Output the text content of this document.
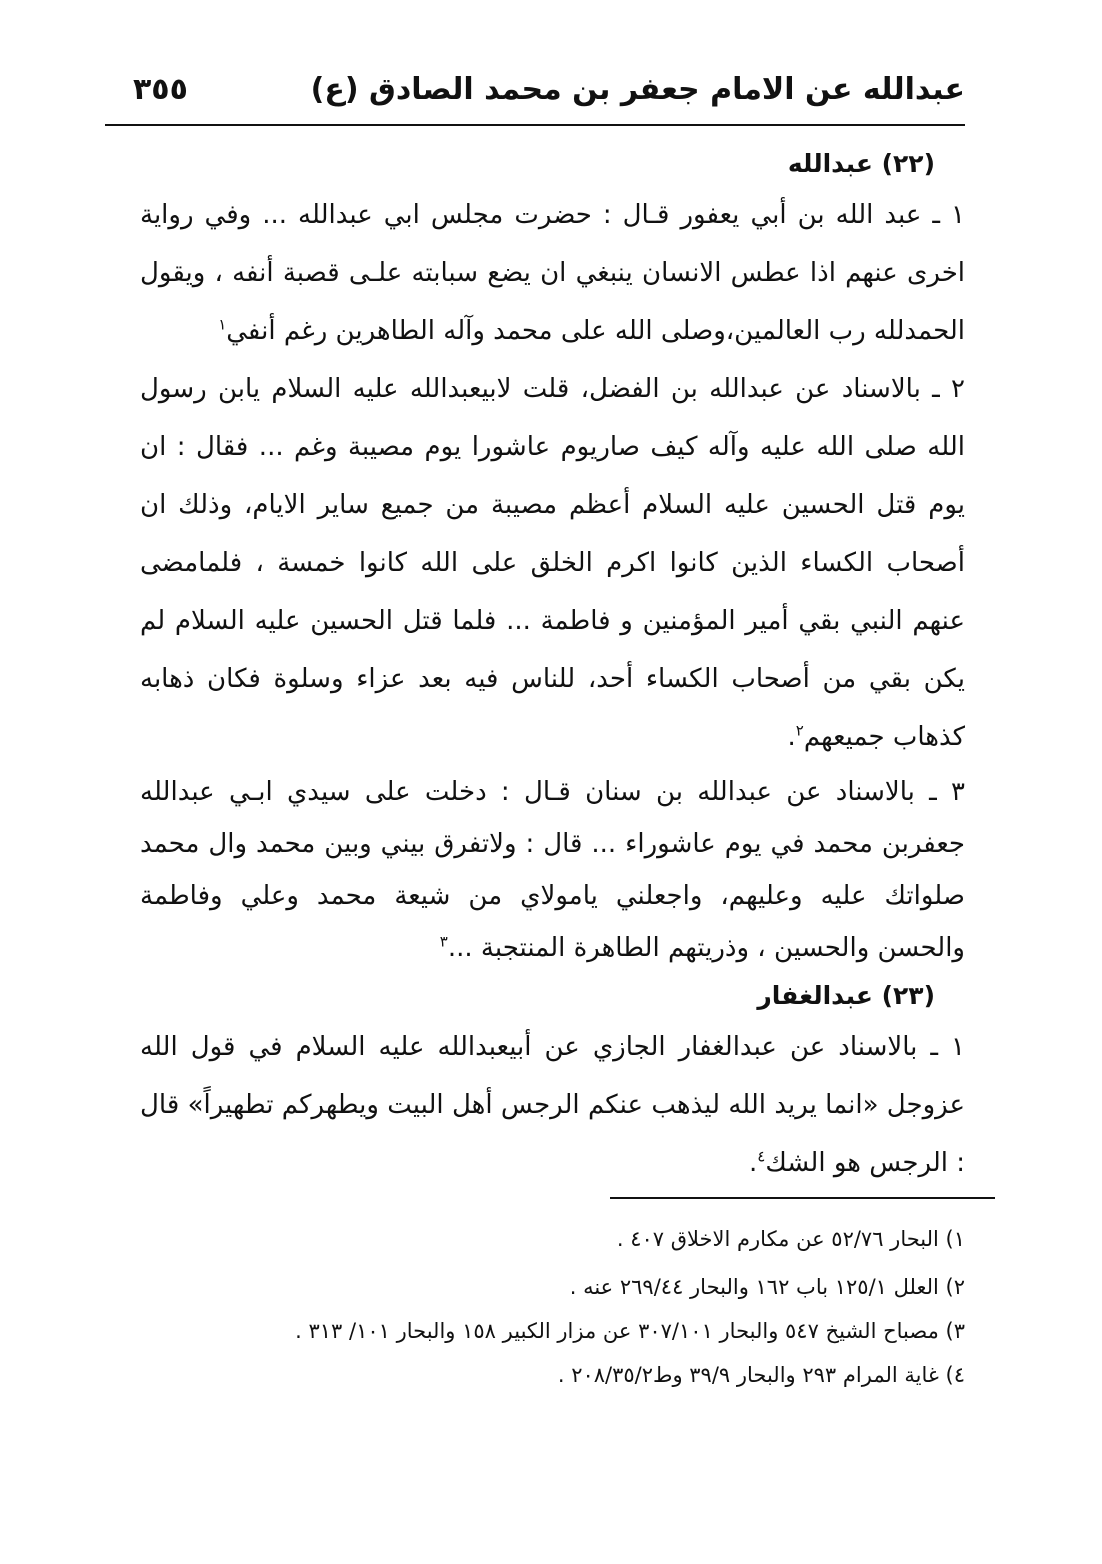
عبدالله عن الامام جعفر بن محمد الصادق (ع)
٣٥٥
(٢٢) عبدالله

١ ـ عبد الله بن أبي يعفور قـال : حضرت مجلس ابي عبدالله ... وفي رواية اخرى عنهم اذا عطس الانسان ينبغي ان يضع سبابته علـى قصبة أنفه ، ويقول الحمدلله رب العالمين،وصلى الله على محمد وآله الطاهرين رغم أنفي$^١$

٢ ـ بالاسناد عن عبدالله بن الفضل، قلت لابيعبدالله عليه السلام يابن رسول الله صلى الله عليه وآله كيف صاريوم عاشورا يوم مصيبة وغم ... فقال : ان يوم قتل الحسين عليه السلام أعظم مصيبة من جميع ساير الايام، وذلك ان أصحاب الكساء الذين كانوا اكرم الخلق على الله كانوا خمسة ، فلمامضى عنهم النبي بقي أمير المؤمنين و فاطمة ... فلما قتل الحسين عليه السلام لم يكن بقي من أصحاب الكساء أحد، للناس فيه بعد عزاء وسلوة فكان ذهابه كذهاب جميعهم$^٢$.

٣ ـ بالاسناد عن عبدالله بن سنان قـال : دخلت على سيدي ابـي عبدالله جعفربن محمد في يوم عاشوراء ... قال : ولاتفرق بيني وبين محمد وال محمد صلواتك عليه وعليهم، واجعلني يامولاي من شيعة محمد وعلي وفاطمة والحسن والحسين ، وذريتهم الطاهرة المنتجبة ...$^٣$

(٢٣) عبدالغفار

١ ـ بالاسناد عن عبدالغفار الجازي عن أبيعبدالله عليه السلام في قول الله عزوجل «انما يريد الله ليذهب عنكم الرجس أهل البيت ويطهركم تطهيراً» قال : الرجس هو الشك$^٤$.

١) البحار ٥٢/٧٦ عن مكارم الاخلاق ٤٠٧ .

٢) العلل ١٢٥/١ باب ١٦٢ والبحار ٢٦٩/٤٤ عنه .

٣) مصباح الشيخ ٥٤٧ والبحار ٣٠٧/١٠١ عن مزار الكبير ١٥٨ والبحار ١٠١/ ٣١٣ .

٤) غاية المرام ٢٩٣ والبحار ٣٩/٩ وط٢٠٨/٣٥/٢ .
